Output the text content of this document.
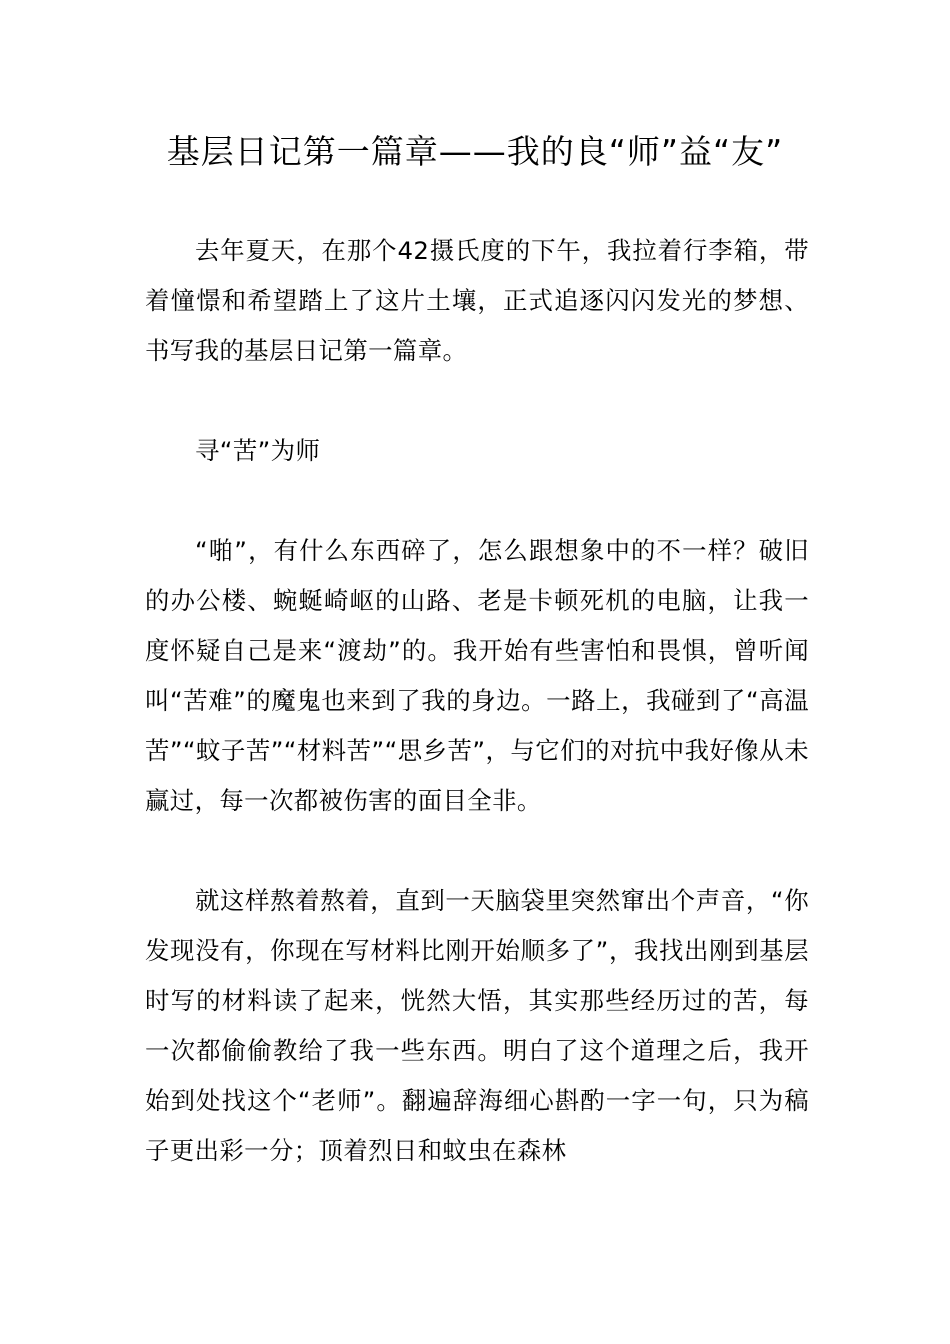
基层日记第一篇章——我的良“师”益“友”

去年夏天，在那个42摄氏度的下午，我拉着行李箱，带着憧憬和希望踏上了这片土壤，正式追逐闪闪发光的梦想、书写我的基层日记第一篇章。

寻“苦”为师

“啪”，有什么东西碎了，怎么跟想象中的不一样？破旧的办公楼、蜿蜒崎岖的山路、老是卡顿死机的电脑，让我一度怀疑自己是来“渡劫”的。我开始有些害怕和畏惧，曾听闻叫“苦难”的魔鬼也来到了我的身边。一路上，我碰到了“高温苦”“蚊子苦”“材料苦”“思乡苦”，与它们的对抗中我好像从未赢过，每一次都被伤害的面目全非。

就这样熬着熬着，直到一天脑袋里突然窜出个声音，“你发现没有，你现在写材料比刚开始顺多了”，我找出刚到基层时写的材料读了起来，恍然大悟，其实那些经历过的苦，每一次都偷偷教给了我一些东西。明白了这个道理之后，我开始到处找这个“老师”。翻遍辞海细心斟酌一字一句，只为稿子更出彩一分；顶着烈日和蚊虫在森林
